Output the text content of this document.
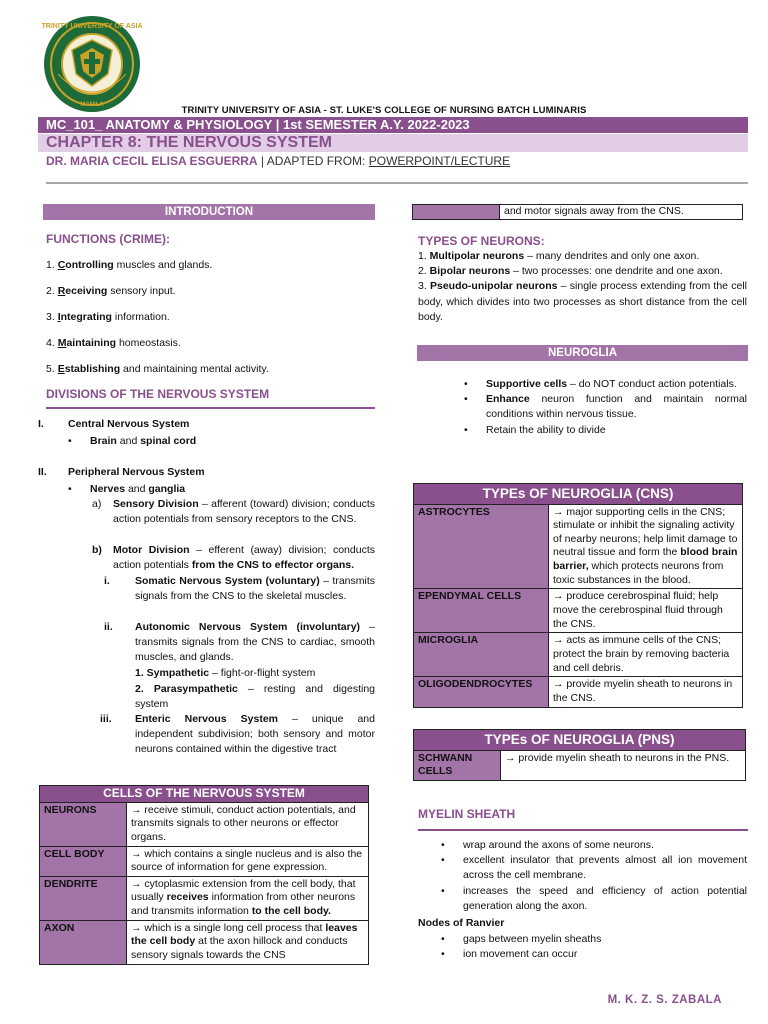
TRINITY UNIVERSITY OF ASIA
MANILA	TRINITY UNIVERSITY OF ASIA - ST. LUKE'S COLLEGE OF NURSING BATCH LUMINARIS
MC_101_ ANATOMY & PHYSIOLOGY | 1st SEMESTER A.Y. 2022-2023
CHAPTER 8: THE NERVOUS SYSTEM
DR. MARIA CECIL ELISA ESGUERRA | ADAPTED FROM: POWERPOINT/LECTURE
INTRODUCTION
FUNCTIONS (CRIME):
1. Controlling muscles and glands.
2. Receiving sensory input.
3. Integrating information.
4. Maintaining homeostasis.
5. Establishing and maintaining mental activity.
DIVISIONS OF THE NERVOUS SYSTEM
I. Central Nervous System
• Brain and spinal cord
II. Peripheral Nervous System
• Nerves and ganglia
a) Sensory Division – afferent (toward) division; conducts action potentials from sensory receptors to the CNS.
b) Motor Division – efferent (away) division; conducts action potentials from the CNS to effector organs.
i. Somatic Nervous System (voluntary) – transmits signals from the CNS to the skeletal muscles.
ii. Autonomic Nervous System (involuntary) – transmits signals from the CNS to cardiac, smooth muscles, and glands.
1. Sympathetic – fight-or-flight system
2. Parasympathetic – resting and digesting system
iii. Enteric Nervous System – unique and independent subdivision; both sensory and motor neurons contained within the digestive tract
CELLS OF THE NERVOUS SYSTEM	
NEURONS	→ receive stimuli, conduct action potentials, and transmits signals to other neurons or effector organs.
CELL BODY	→ which contains a single nucleus and is also the source of information for gene expression.
DENDRITE	→ cytoplasmic extension from the cell body, that usually receives information from other neurons and transmits information to the cell body.
AXON	→ which is a single long cell process that leaves the cell body at the axon hillock and conducts sensory signals towards the CNS
	and motor signals away from the CNS.
TYPES OF NEURONS:
1. Multipolar neurons – many dendrites and only one axon.
2. Bipolar neurons – two processes: one dendrite and one axon.
3. Pseudo-unipolar neurons – single process extending from the cell body, which divides into two processes as short distance from the cell body.
NEUROGLIA
• Supportive cells – do NOT conduct action potentials.
• Enhance neuron function and maintain normal conditions within nervous tissue.
• Retain the ability to divide
TYPEs OF NEUROGLIA (CNS)	
ASTROCYTES	→ major supporting cells in the CNS; stimulate or inhibit the signaling activity of nearby neurons; help limit damage to neutral tissue and form the blood brain barrier, which protects neurons from toxic substances in the blood.
EPENDYMAL CELLS	→ produce cerebrospinal fluid; help move the cerebrospinal fluid through the CNS.
MICROGLIA	→ acts as immune cells of the CNS; protect the brain by removing bacteria and cell debris.
OLIGODENDROCYTES	→ provide myelin sheath to neurons in the CNS.
TYPEs OF NEUROGLIA (PNS)
SCHWANN CELLS	→ provide myelin sheath to neurons in the PNS.
MYELIN SHEATH
• wrap around the axons of some neurons.
• excellent insulator that prevents almost all ion movement across the cell membrane.
• increases the speed and efficiency of action potential generation along the axon.
Nodes of Ranvier
• gaps between myelin sheaths
• ion movement can occur
M. K. Z. S. ZABALA
